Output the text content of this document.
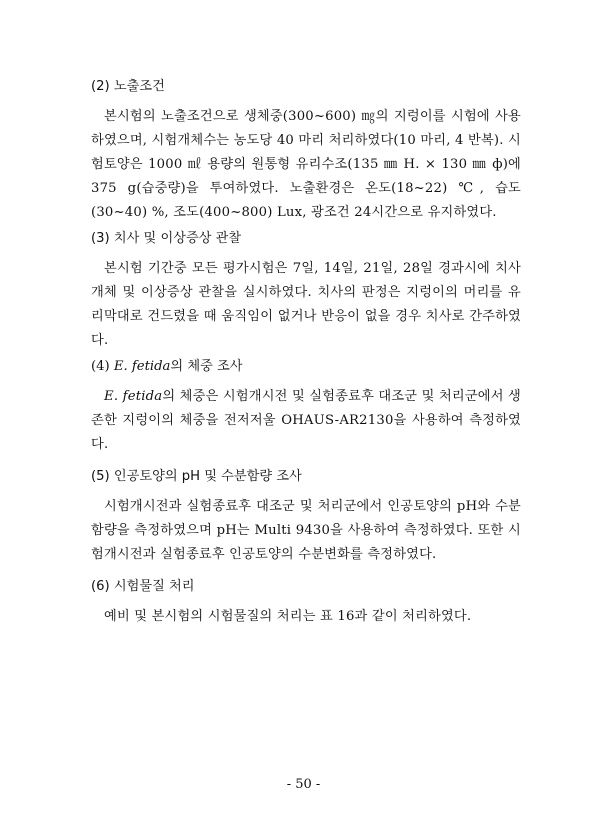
(2) 노출조건

본시험의 노출조건으로 생체중(300~600) ㎎의 지렁이를 시험에 사용하였으며, 시험개체수는 농도당 40 마리 처리하였다(10 마리, 4 반복). 시험토양은 1000 ㎖ 용량의 원통형 유리수조(135 ㎜ H. × 130 ㎜ ф)에 375 g(습중량)을 투여하였다. 노출환경은 온도(18~22) ℃, 습도(30~40) %, 조도(400~800) Lux, 광조건 24시간으로 유지하였다.

(3) 치사 및 이상증상 관찰

본시험 기간중 모든 평가시험은 7일, 14일, 21일, 28일 경과시에 치사개체 및 이상증상 관찰을 실시하였다. 치사의 판정은 지렁이의 머리를 유리막대로 건드렸을 때 움직임이 없거나 반응이 없을 경우 치사로 간주하였다.

(4) E. fetida의 체중 조사

E. fetida의 체중은 시험개시전 및 실험종료후 대조군 및 처리군에서 생존한 지렁이의 체중을 전저저울 OHAUS-AR2130을 사용하여 측정하였다.

(5) 인공토양의 pH 및 수분함량 조사

시험개시전과 실험종료후 대조군 및 처리군에서 인공토양의 pH와 수분함량을 측정하였으며 pH는 Multi 9430을 사용하여 측정하였다. 또한 시험개시전과 실험종료후 인공토양의 수분변화를 측정하였다.

(6) 시험물질 처리

예비 및 본시험의 시험물질의 처리는 표 16과 같이 처리하였다.

- 50 -
